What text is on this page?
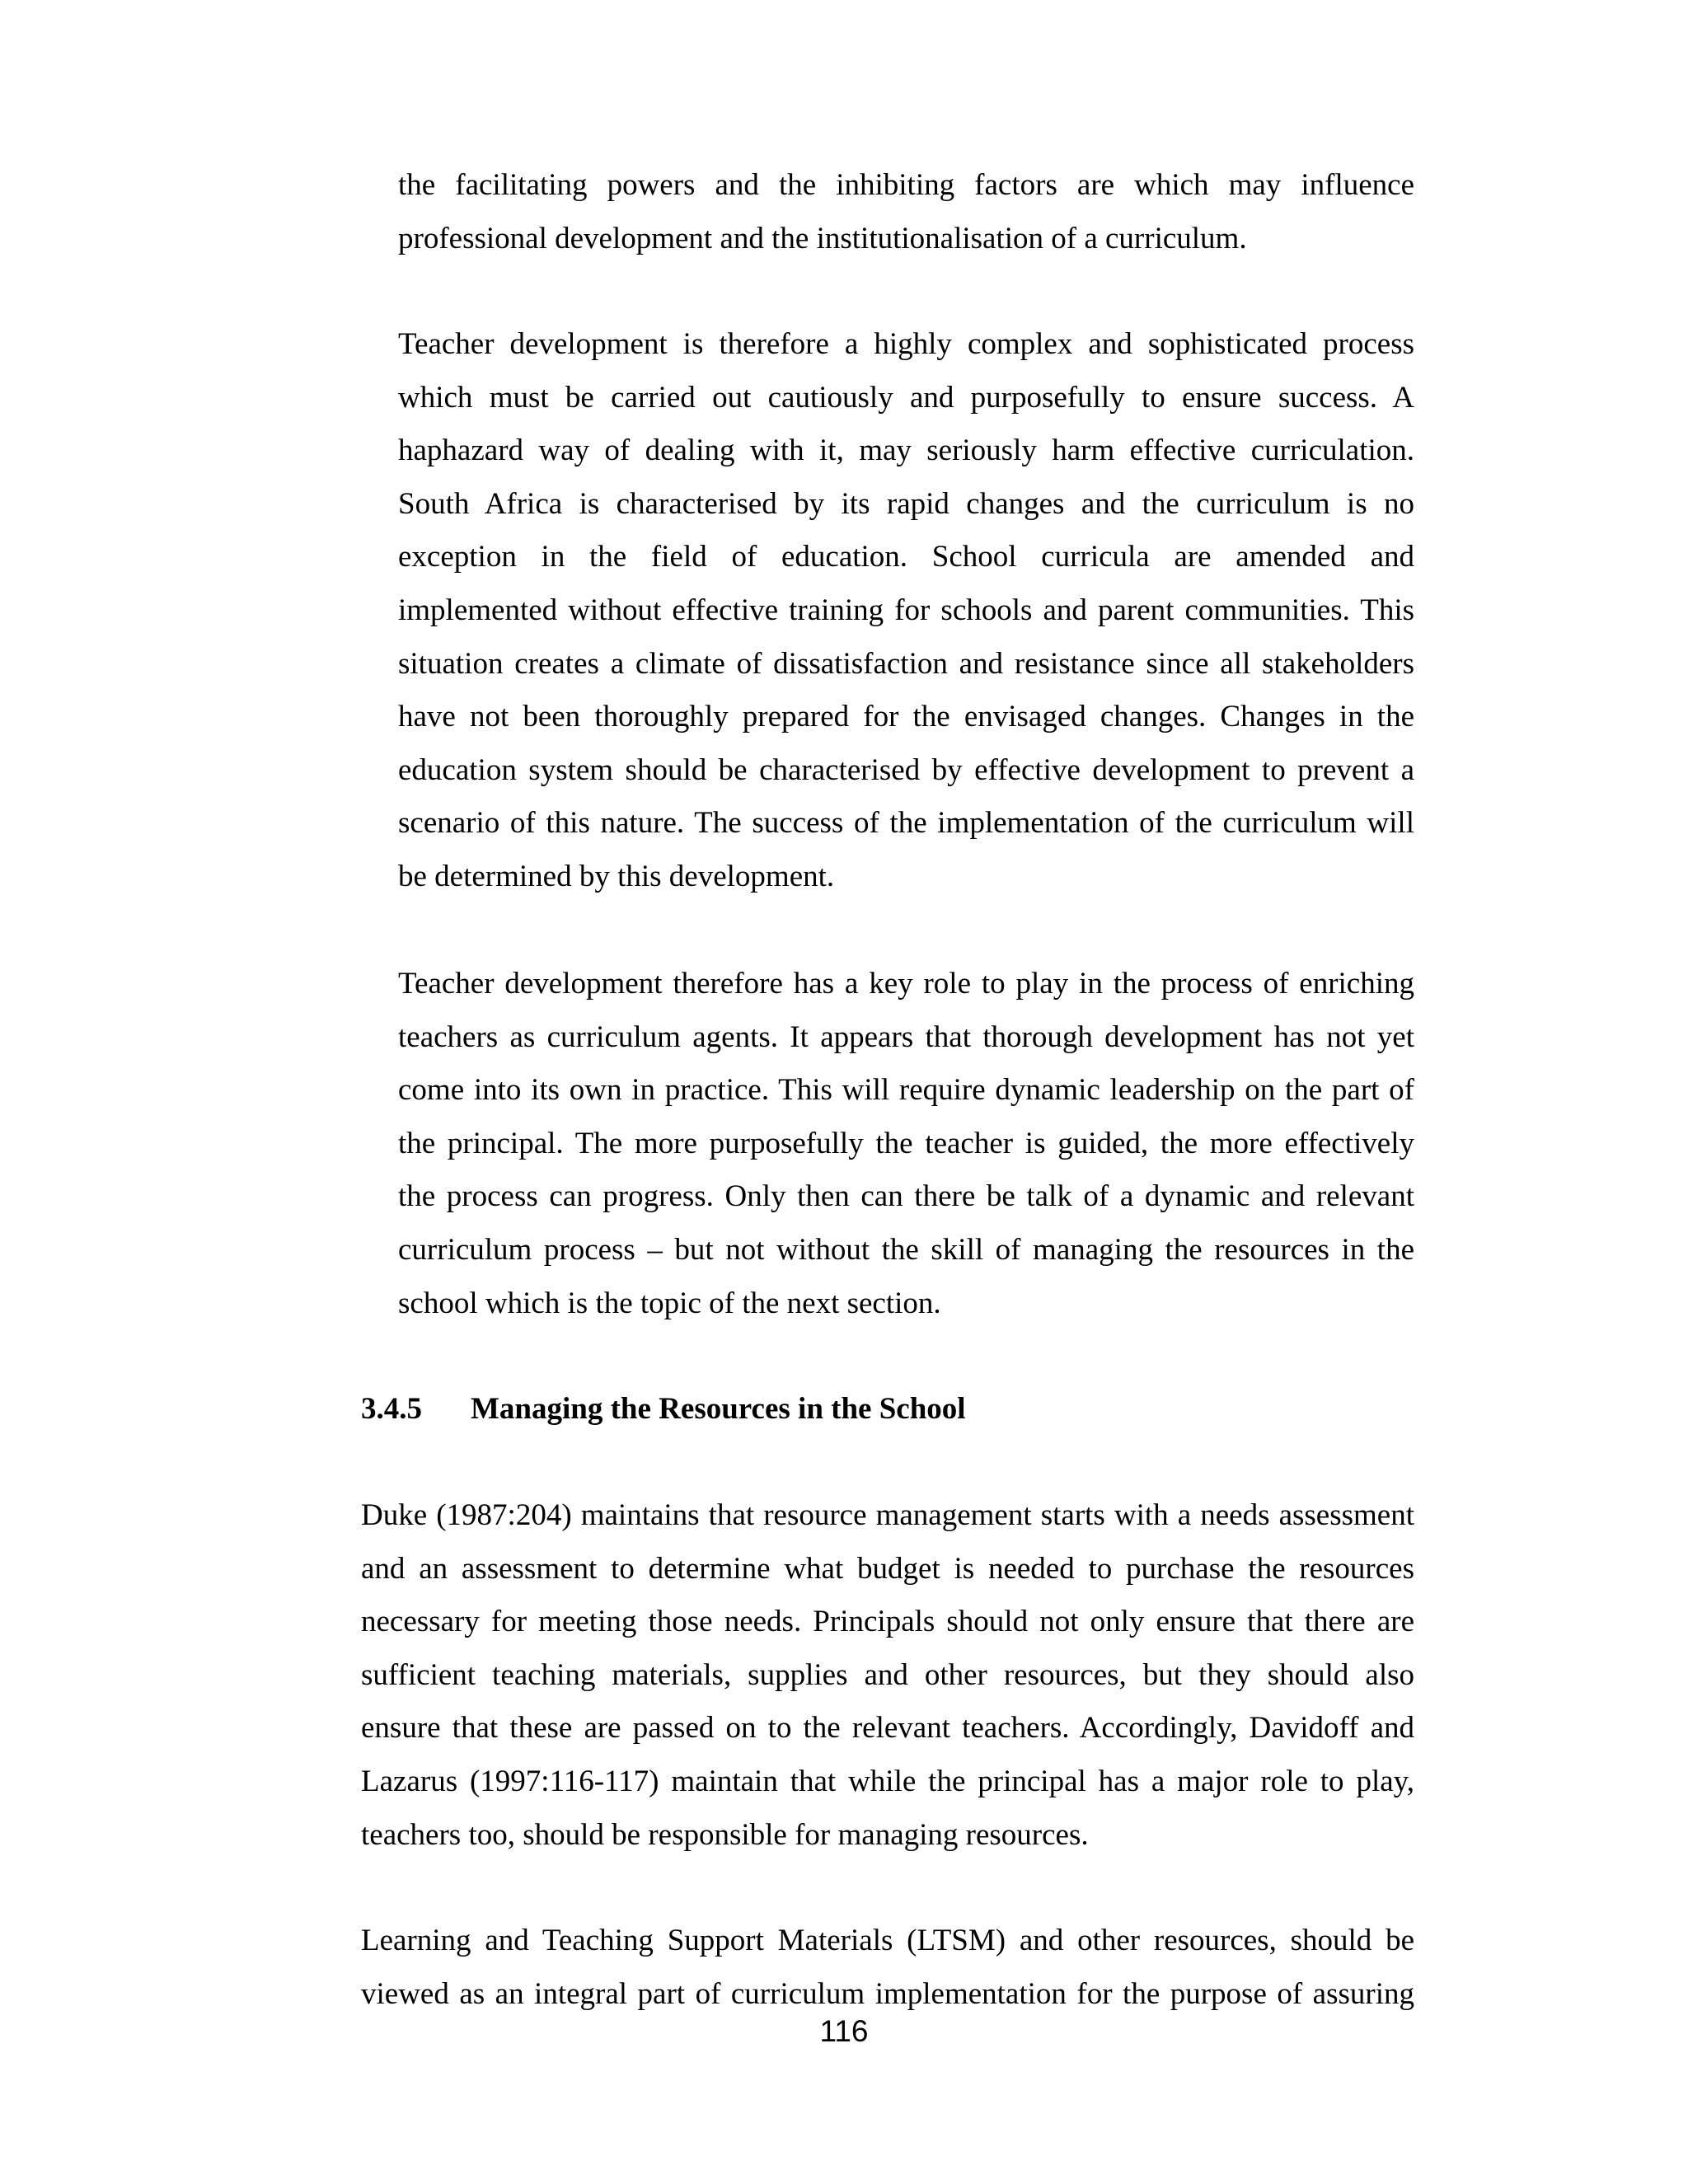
the facilitating powers and the inhibiting factors are which may influence
professional development and the institutionalisation of a curriculum.
Teacher development is therefore a highly complex and sophisticated process
which must be carried out cautiously and purposefully to ensure success. A
haphazard way of dealing with it, may seriously harm effective curriculation.
South Africa is characterised by its rapid changes and the curriculum is no
exception in the field of education. School curricula are amended and
implemented without effective training for schools and parent communities. This
situation creates a climate of dissatisfaction and resistance since all stakeholders
have not been thoroughly prepared for the envisaged changes. Changes in the
education system should be characterised by effective development to prevent a
scenario of this nature. The success of the implementation of the curriculum will
be determined by this development.
Teacher development therefore has a key role to play in the process of enriching
teachers as curriculum agents. It appears that thorough development has not yet
come into its own in practice. This will require dynamic leadership on the part of
the principal. The more purposefully the teacher is guided, the more effectively
the process can progress. Only then can there be talk of a dynamic and relevant
curriculum process – but not without the skill of managing the resources in the
school which is the topic of the next section.
3.4.5 Managing the Resources in the School
Duke (1987:204) maintains that resource management starts with a needs assessment
and an assessment to determine what budget is needed to purchase the resources
necessary for meeting those needs. Principals should not only ensure that there are
sufficient teaching materials, supplies and other resources, but they should also
ensure that these are passed on to the relevant teachers. Accordingly, Davidoff and
Lazarus (1997:116-117) maintain that while the principal has a major role to play,
teachers too, should be responsible for managing resources.
Learning and Teaching Support Materials (LTSM) and other resources, should be
viewed as an integral part of curriculum implementation for the purpose of assuring
116
